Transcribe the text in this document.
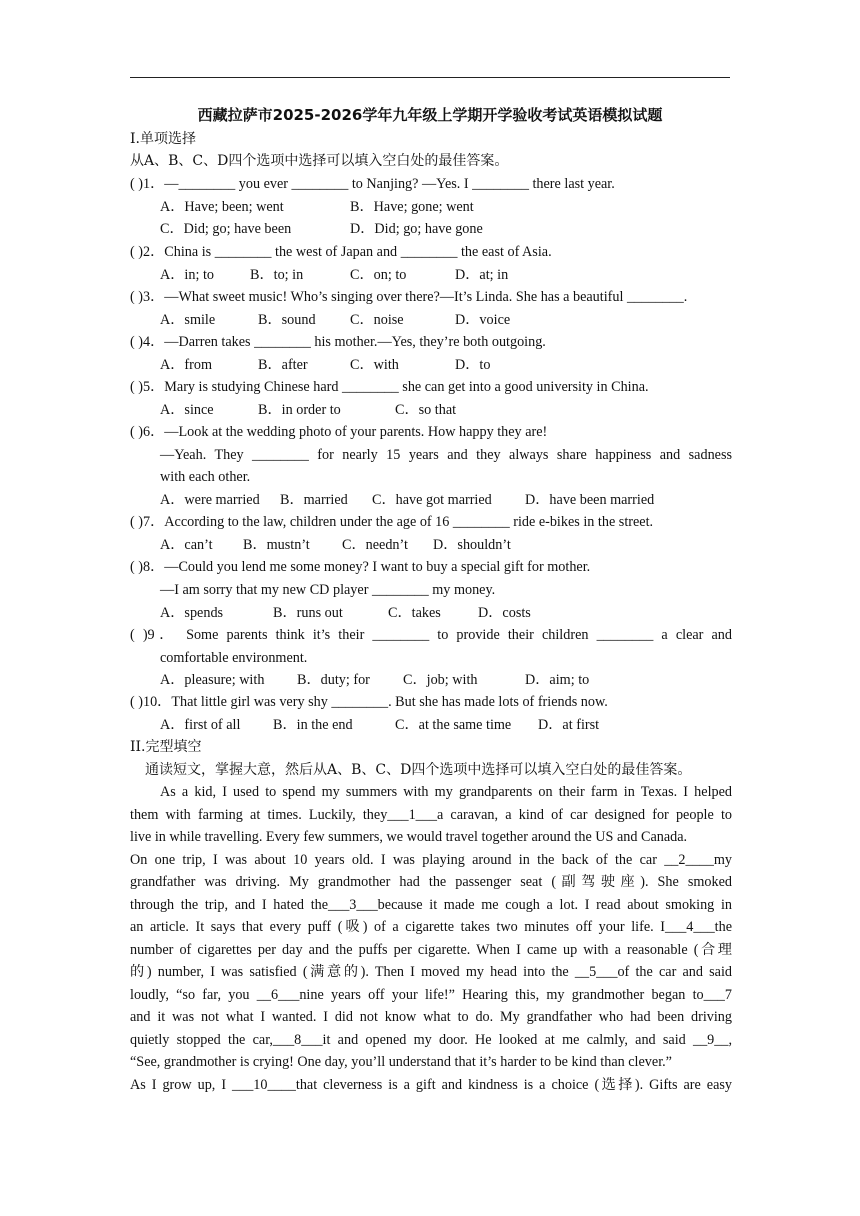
西藏拉萨市2025-2026学年九年级上学期开学验收考试英语模拟试题
I.单项选择
从A、B、C、D四个选项中选择可以填入空白处的最佳答案。
( )1．—________ you ever ________ to Nanjing? —Yes. I ________ there last year.
A．Have; been; went	B．Have; gone; went
C．Did; go; have been	D．Did; go; have gone
( )2．China is ________ the west of Japan and ________ the east of Asia.
A．in; to	B．to; in	C．on; to	D．at; in
( )3．—What sweet music! Who’s singing over there?—It’s Linda. She has a beautiful ________.
A．smile	B．sound C．noise	D．voice
( )4．—Darren takes ________ his mother.—Yes, they’re both outgoing.
A．from	B．after	C．with	D．to
( )5．Mary is studying Chinese hard ________ she can get into a good university in China.
A．since	B．in order to	C．so that
( )6．—Look at the wedding photo of your parents. How happy they are!
—Yeah. They ________ for nearly 15 years and they always share happiness and sadness
with each other.
A．were married B．married C．have got married D．have been married
( )7．According to the law, children under the age of 16 ________ ride e-bikes in the street.
A．can’t B．mustn’t C．needn’t D．shouldn’t
( )8．—Could you lend me some money? I want to buy a special gift for mother.
—I am sorry that my new CD player ________ my money.
A．spends	B．runs out	C．takes	D．costs
( )9． Some parents think it’s their ________ to provide their children ________ a clear and
comfortable environment.
A．pleasure; with B．duty; for C．job; with	D．aim; to
( )10．That little girl was very shy ________. But she has made lots of friends now.
A．first of all B．in the end	C．at the same time D．at first
II.完型填空
通读短文，掌握大意，然后从A、B、C、D四个选项中选择可以填入空白处的最佳答案。
As a kid, I used to spend my summers with my grandparents on their farm in Texas. I helped
them with farming at times. Luckily, they___1___a caravan, a kind of car designed for people to
live in while travelling. Every few summers, we would travel together around the US and Canada.
On one trip, I was about 10 years old. I was playing around in the back of the car __2____my
grandfather was driving. My grandmother had the passenger seat (副驾驶座). She smoked
through the trip, and I hated the___3___because it made me cough a lot. I read about smoking in
an article. It says that every puff (吸) of a cigarette takes two minutes off your life. I___4___the
number of cigarettes per day and the puffs per cigarette. When I came up with a reasonable (合理
的) number, I was satisfied (满意的). Then I moved my head into the __5___of the car and said
loudly, “so far, you __6___nine years off your life!” Hearing this, my grandmother began to___7
and it was not what I wanted. I did not know what to do. My grandfather who had been driving
quietly stopped the car,___8___it and opened my door. He looked at me calmly, and said __9__,
“See, grandmother is crying! One day, you’ll understand that it’s harder to be kind than clever.”
As I grow up, I ___10____that cleverness is a gift and kindness is a choice (选择). Gifts are easy
